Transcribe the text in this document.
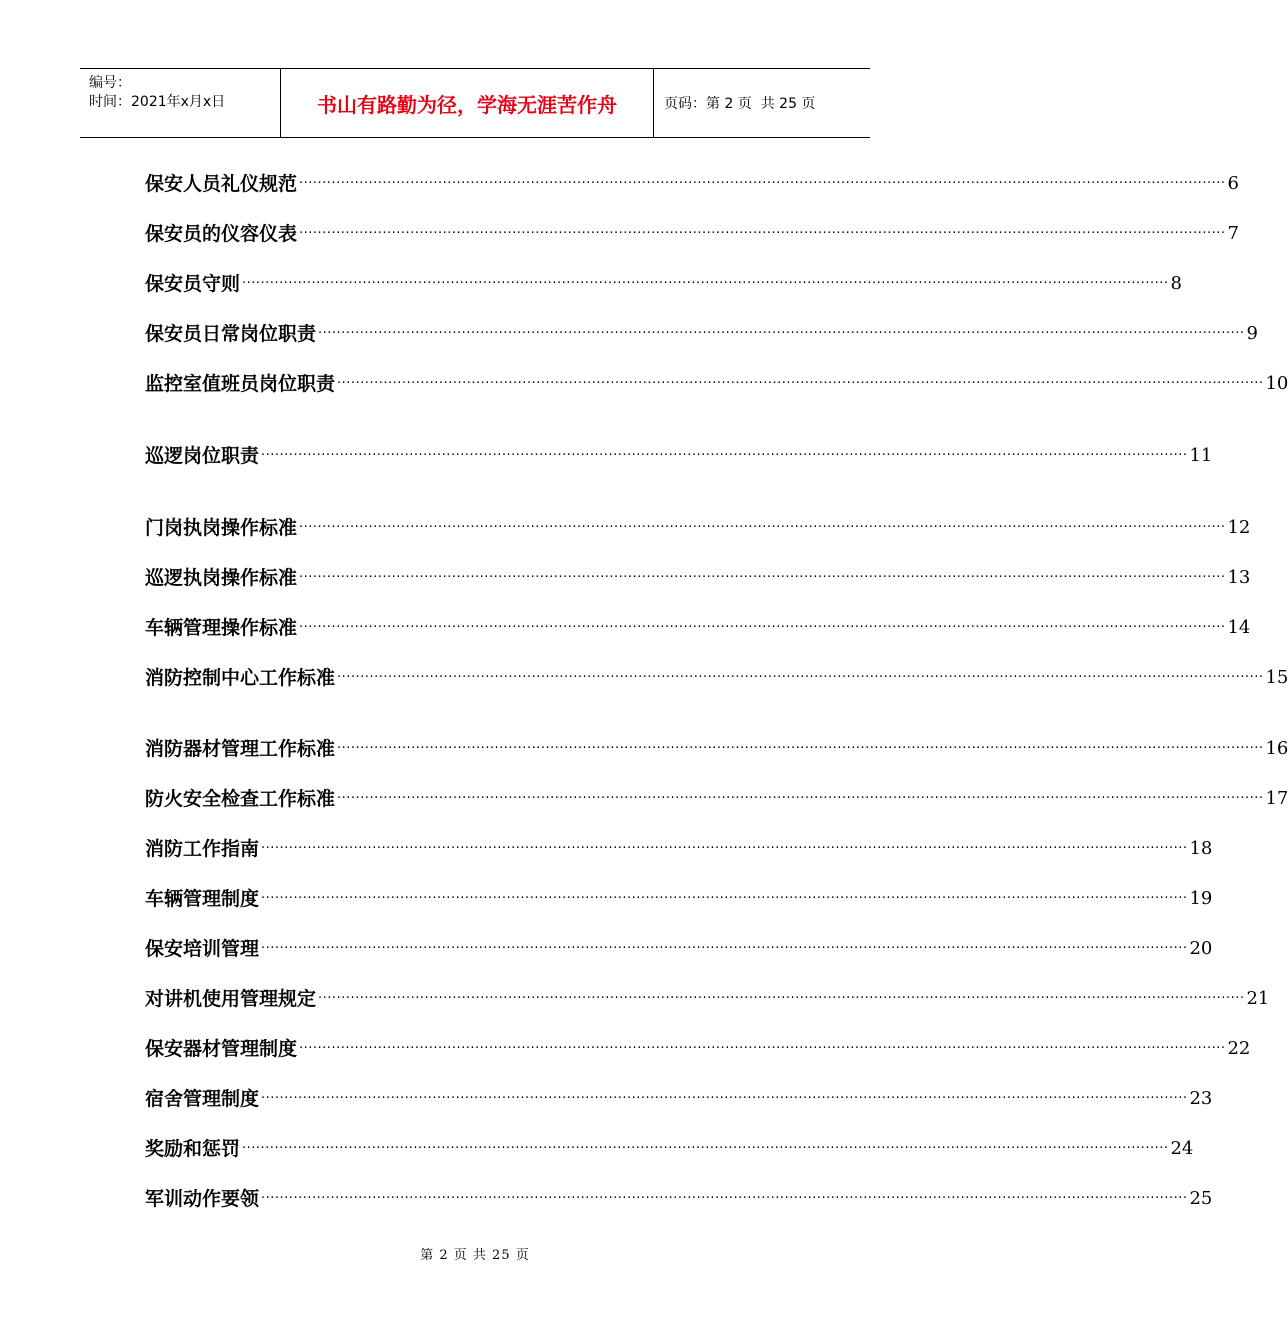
编号：
时间：2021年x月x日	书山有路勤为径，学海无涯苦作舟	页码：第 2 页  共 25 页
保安人员礼仪规范 ········································································································································································································ 6
保安员的仪容仪表 ········································································································································································································ 7
保安员守则 ········································································································································································································ 8
保安员日常岗位职责 ········································································································································································································ 9
监控室值班员岗位职责 ········································································································································································································ 10
巡逻岗位职责 ········································································································································································································ 11
门岗执岗操作标准 ········································································································································································································ 12
巡逻执岗操作标准 ········································································································································································································ 13
车辆管理操作标准 ········································································································································································································ 14
消防控制中心工作标准 ········································································································································································································ 15
消防器材管理工作标准 ········································································································································································································ 16
防火安全检查工作标准 ········································································································································································································ 17
消防工作指南 ········································································································································································································ 18
车辆管理制度 ········································································································································································································ 19
保安培训管理 ········································································································································································································ 20
对讲机使用管理规定 ········································································································································································································ 21
保安器材管理制度 ········································································································································································································ 22
宿舍管理制度 ········································································································································································································ 23
奖励和惩罚 ········································································································································································································ 24
军训动作要领 ········································································································································································································ 25
第 2 页 共 25 页
